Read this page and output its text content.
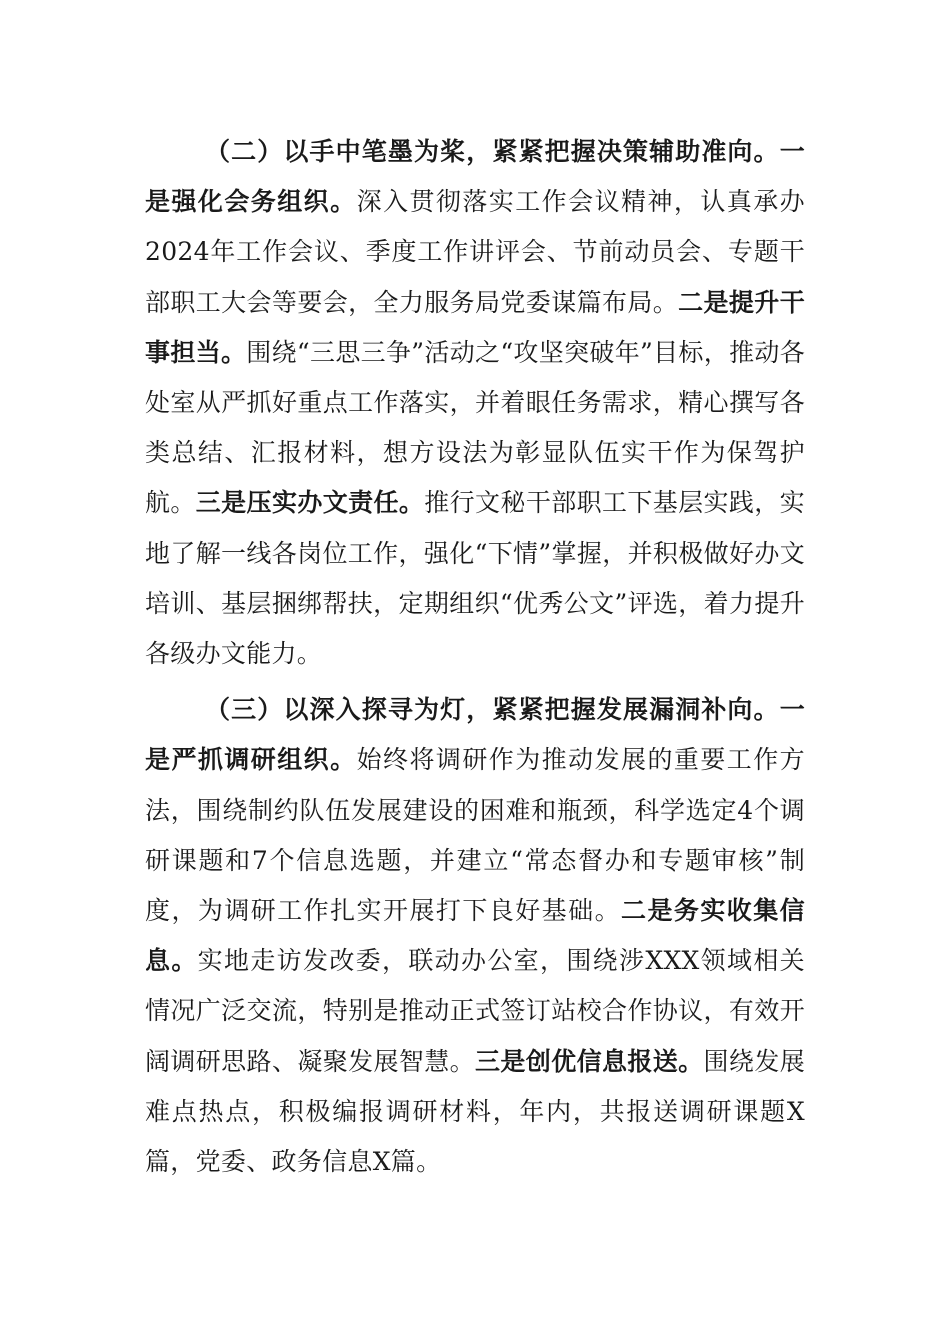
（二）以手中笔墨为桨，紧紧把握决策辅助准向。一是强化会务组织。深入贯彻落实工作会议精神，认真承办2024年工作会议、季度工作讲评会、节前动员会、专题干部职工大会等要会，全力服务局党委谋篇布局。二是提升干事担当。围绕“三思三争”活动之“攻坚突破年”目标，推动各处室从严抓好重点工作落实，并着眼任务需求，精心撰写各类总结、汇报材料，想方设法为彰显队伍实干作为保驾护航。三是压实办文责任。推行文秘干部职工下基层实践，实地了解一线各岗位工作，强化“下情”掌握，并积极做好办文培训、基层捆绑帮扶，定期组织“优秀公文”评选，着力提升各级办文能力。

（三）以深入探寻为灯，紧紧把握发展漏洞补向。一是严抓调研组织。始终将调研作为推动发展的重要工作方法，围绕制约队伍发展建设的困难和瓶颈，科学选定4个调研课题和7个信息选题，并建立“常态督办和专题审核”制度，为调研工作扎实开展打下良好基础。二是务实收集信息。实地走访发改委，联动办公室，围绕涉XXX领域相关情况广泛交流，特别是推动正式签订站校合作协议，有效开阔调研思路、凝聚发展智慧。三是创优信息报送。围绕发展难点热点，积极编报调研材料，年内，共报送调研课题X篇，党委、政务信息X篇。
